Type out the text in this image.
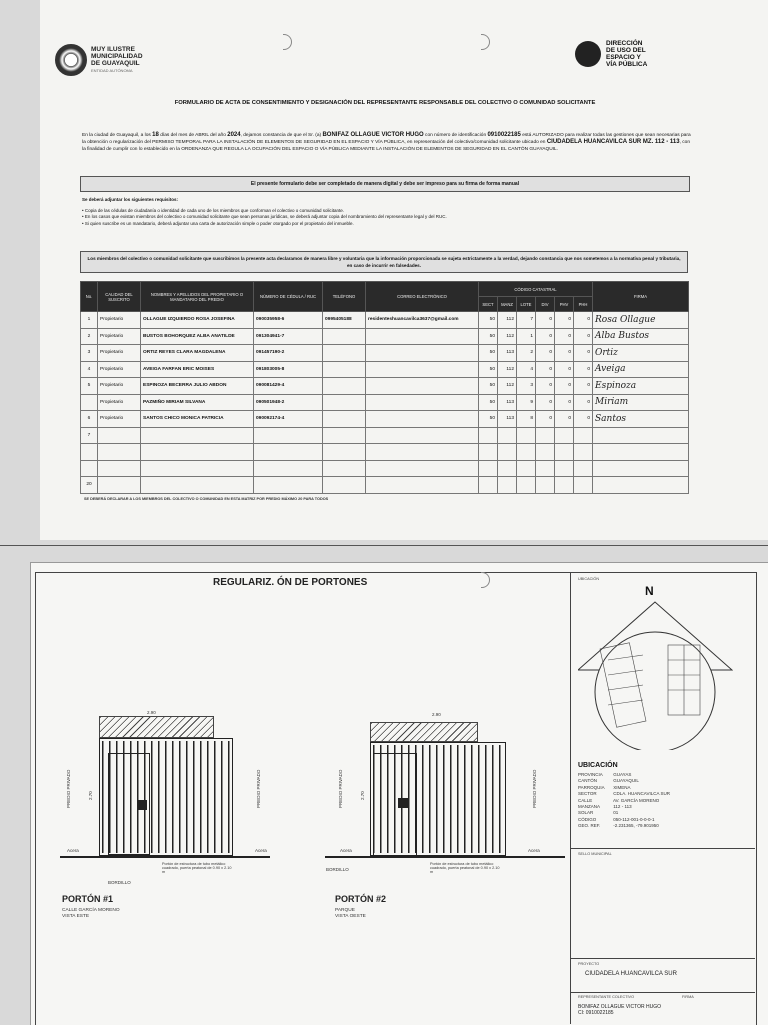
MUY ILUSTRE
MUNICIPALIDAD
DE GUAYAQUIL
ENTIDAD AUTÓNOMA
DIRECCIÓN
DE USO DEL
ESPACIO Y
VÍA PÚBLICA
FORMULARIO DE ACTA DE CONSENTIMIENTO Y DESIGNACIÓN DEL REPRESENTANTE RESPONSABLE DEL COLECTIVO O COMUNIDAD SOLICITANTE
En la ciudad de Guayaquil, a los 18 días del mes de ABRIL del año 2024, dejamos constancia de que el Sr. (a) BONIFAZ OLLAGUE VICTOR HUGO con número de identificación 0910022185 está AUTORIZADO para realizar todas las gestiones que sean necesarias para la obtención o regularización del PERMISO TEMPORAL PARA LA INSTALACIÓN DE ELEMENTOS DE SEGURIDAD EN EL ESPACIO Y VÍA PÚBLICA, en representación del colectivo/comunidad solicitante ubicado en CIUDADELA HUANCAVILCA SUR MZ. 112 - 113, con la finalidad de cumplir con lo establecido en la ORDENANZA QUE REGULA LA OCUPACIÓN DEL ESPACIO O VÍA PÚBLICA MEDIANTE LA INSTALACIÓN DE ELEMENTOS DE SEGURIDAD EN EL CANTÓN GUAYAQUIL.
El presente formulario debe ser completado de manera digital y debe ser impreso para su firma de forma manual
Se deberá adjuntar los siguientes requisitos:
• Copia de las cédulas de ciudadanía o identidad de cada uno de los miembros que conforman el colectivo o comunidad solicitante.
• En los casos que existan miembros del colectivo o comunidad solicitante que sean personas jurídicas, se deberá adjuntar copia del nombramiento del representante legal y del RUC.
• Si quien suscribe es un mandatario, deberá adjuntar una carta de autorización simple o poder otorgado por el propietario del inmueble.
Los miembros del colectivo o comunidad solicitante que suscribimos la presente acta declaramos de manera libre y voluntaria que la información proporcionada se sujeta estrictamente a la verdad, dejando constancia que nos sometemos a la normativa penal y tributaria, en caso de incurrir en falsedades.
No.	CALIDAD DEL SUSCRITO	NOMBRES Y APELLIDOS DEL PROPIETARIO O MANDATARIO DEL PREDIO	NÚMERO DE CÉDULA / RUC	TELÉFONO	CORREO ELECTRÓNICO	CÓDIGO CATASTRAL						FIRMA
						SECT	MANZ	LOTE	DIV	PHV	PHH	
1	Propietario	OLLAGUE IZQUIERDO ROSA JOSEFINA	090035958-6	0995405188	residenteshuancavilca3637@gmail.com	50	112	7	0	0	0	Rosa Ollague
2	Propietario	BUSTOS BOHORQUEZ ALBA ANATILDE	091304941-7			50	112	1	0	0	0	Alba Bustos
3	Propietario	ORTIZ REYES CLARA MAGDALENA	091457190-2			50	113	2	0	0	0	Ortiz
4	Propietario	AVEIGA FARFAN ERIC MOISES	091803005-8			50	112	4	0	0	0	Aveiga
5	Propietario	ESPINOZA BECERRA JULIO ABDON	090081429-4			50	112	3	0	0	0	Espinoza
	Propietario	PAZMIÑO MIRIAM SILVANA	090501948-2			50	113	9	0	0	0	Miriam
6	Propietario	SANTOS CHICO MONICA PATRICIA	090092174-4			50	113	8	0	0	0	Santos
7												

20												
SE DEBERÁ DECLARAR A LOS MIEMBROS DEL COLECTIVO O COMUNIDAD EN ESTA MATRIZ POR PREDIO MÁXIMO 20 PARA TODOS
REGULARIZ. ÓN DE PORTONES
2.90
2.70
PREDIO PRIVADO	PREDIO PRIVADO
Acera	Acera
BORDILLO
Portón de estructura de tubo metálico cuadrado, puerta peatonal de 0.90 x 2.10 m
PORTÓN #1
CALLE GARCÍA MORENO
VISTA ESTE
2.90
2.70
PREDIO PRIVADO	PREDIO PRIVADO
Acera	Acera
BORDILLO
Portón de estructura de tubo metálico cuadrado, puerta peatonal de 0.90 x 2.10 m
PORTÓN #2
PARQUE
VISTA OESTE
UBICACIÓN
N
UBICACIÓN
PROVINCIA GUAYAS
CANTÓN	GUAYAQUIL
PARROQUIA XIMENA
SECTOR	CDLA. HUANCAVILCA SUR
CALLE	AV. GARCÍA MORENO
MANZANA	112 - 113
SOLAR	01
CÓDIGO	050-112-001-0-0-0-1
GEO. REF.	-2.231365, -79.901950
SELLO MUNICIPAL
PROYECTO
CIUDADELA HUANCAVILCA SUR
REPRESENTANTE COLECTIVO	FIRMA
BONIFAZ OLLAGUE VICTOR HUGO
CI: 0910022185
